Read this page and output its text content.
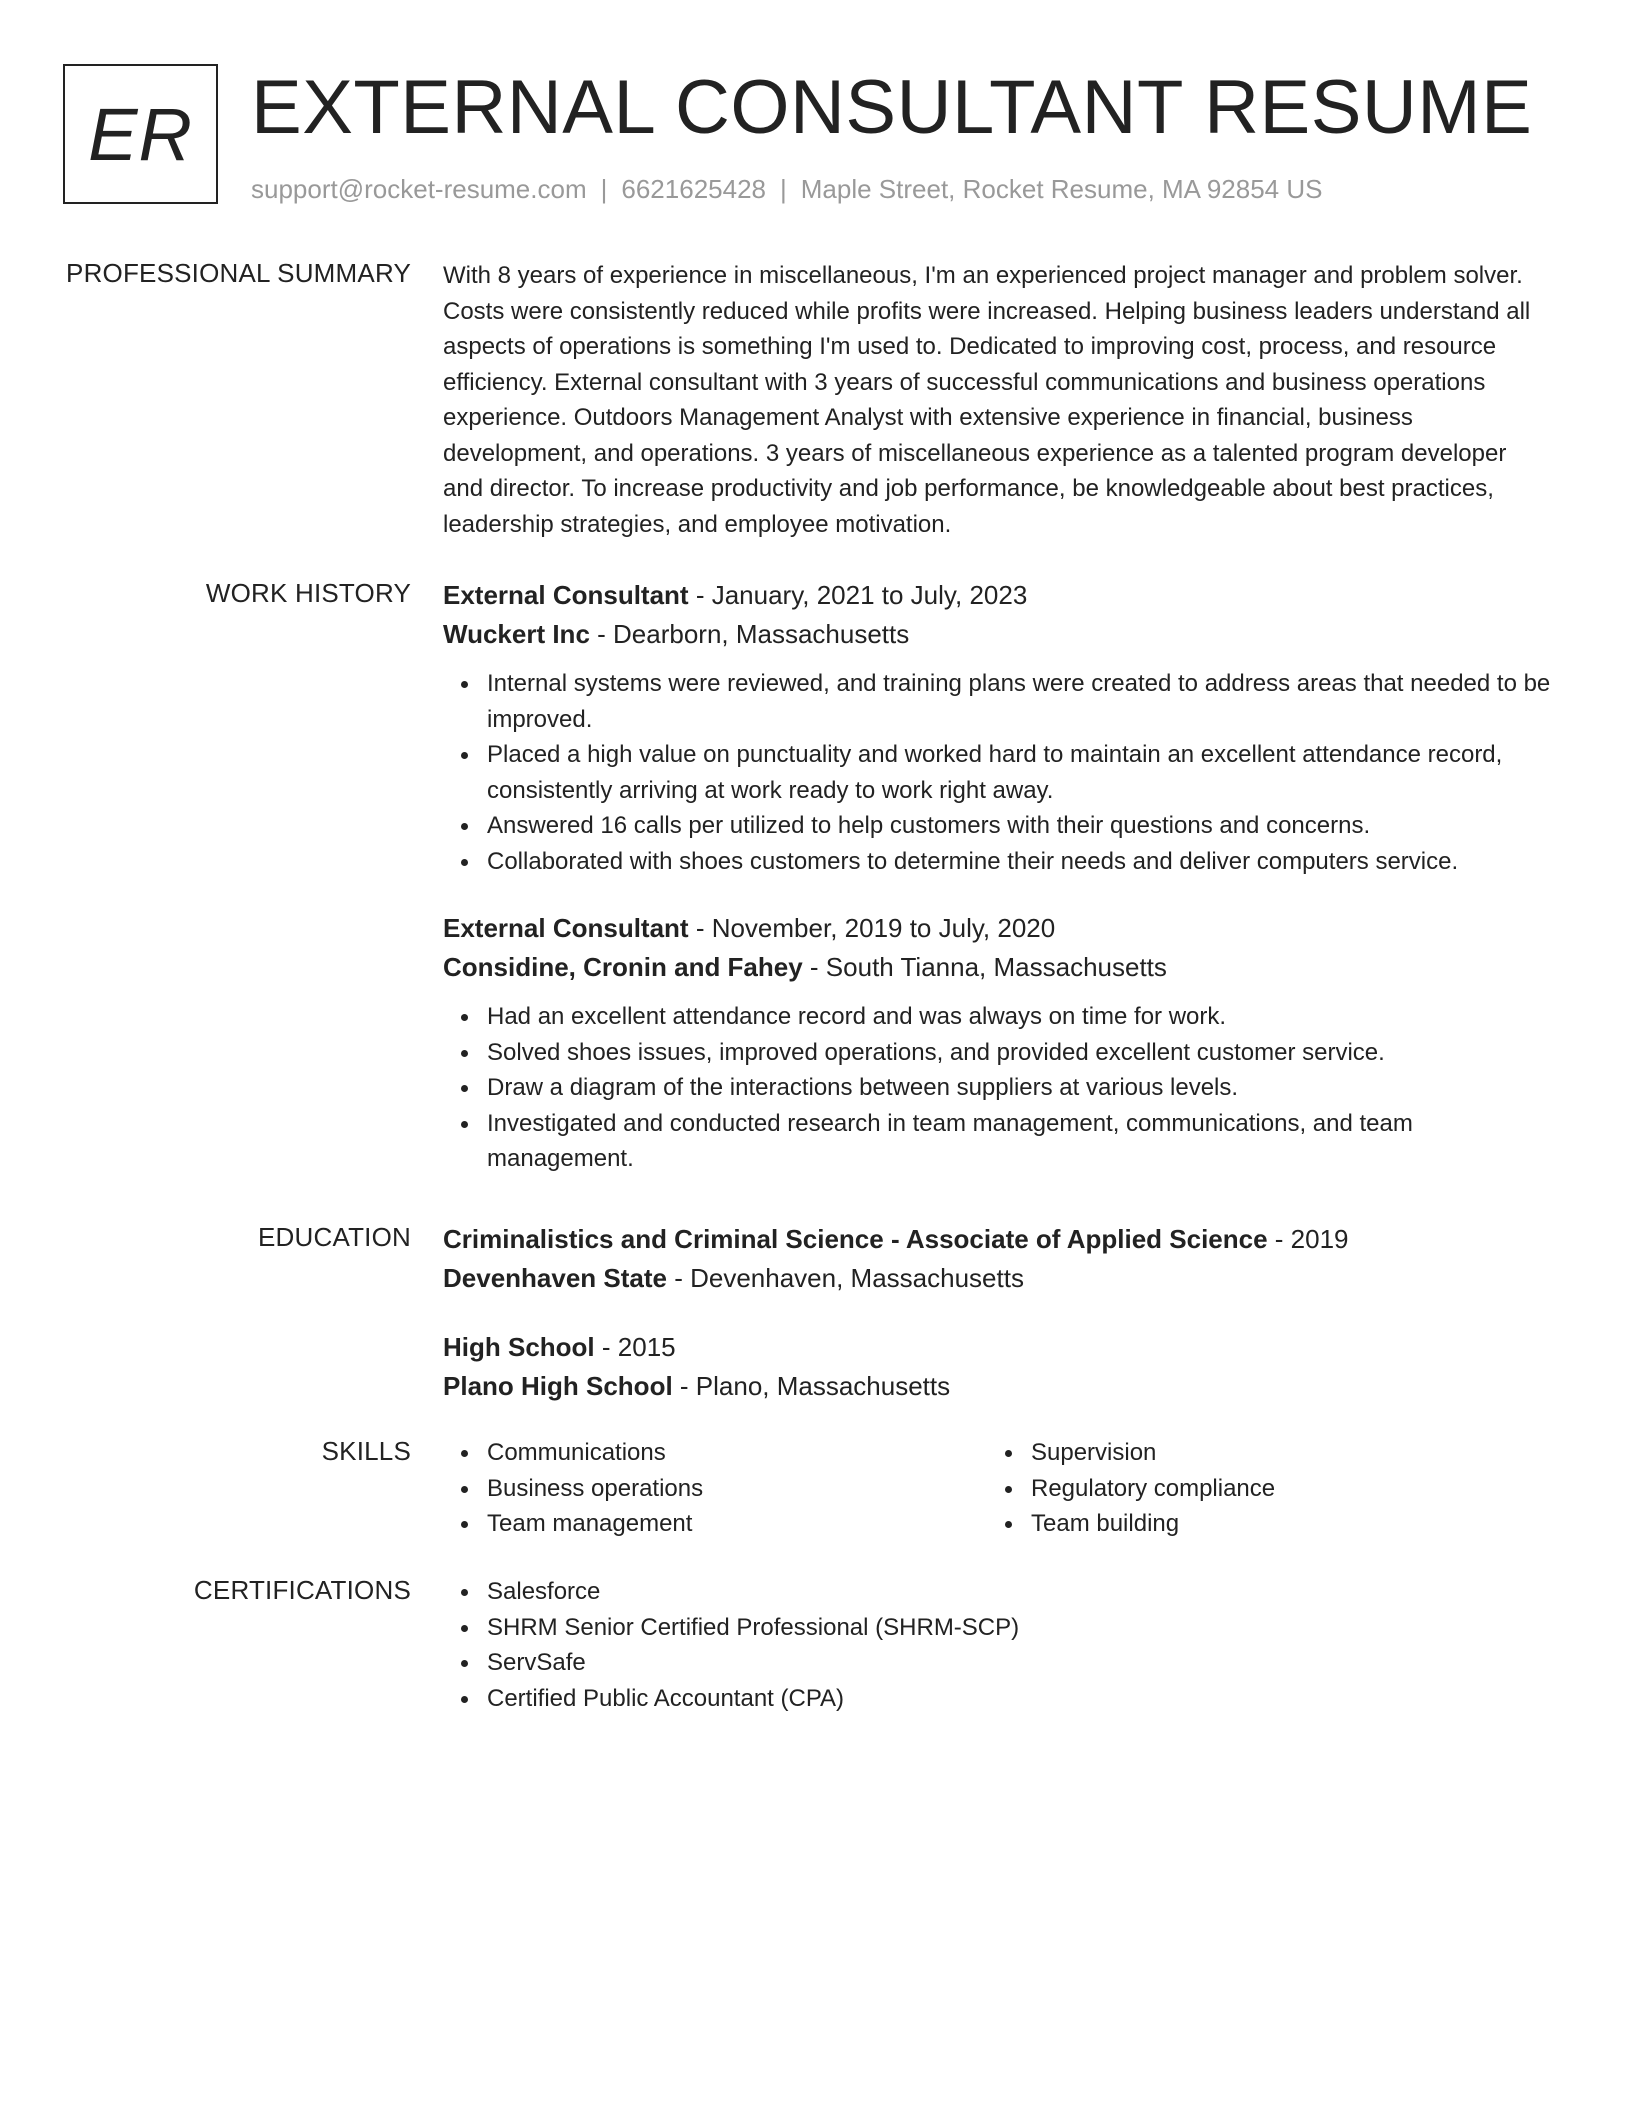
ER EXTERNAL CONSULTANT RESUME
support@rocket-resume.com | 6621625428 | Maple Street, Rocket Resume, MA 92854 US
PROFESSIONAL SUMMARY With 8 years of experience in miscellaneous, I'm an experienced project manager and problem solver. Costs were consistently reduced while profits were increased. Helping business leaders understand all aspects of operations is something I'm used to. Dedicated to improving cost, process, and resource efficiency. External consultant with 3 years of successful communications and business operations experience. Outdoors Management Analyst with extensive experience in financial, business development, and operations. 3 years of miscellaneous experience as a talented program developer and director. To increase productivity and job performance, be knowledgeable about best practices, leadership strategies, and employee motivation.

WORK HISTORY External Consultant - January, 2021 to July, 2023
Wuckert Inc - Dearborn, Massachusetts
Internal systems were reviewed, and training plans were created to address areas that needed to be improved.
Placed a high value on punctuality and worked hard to maintain an excellent attendance record, consistently arriving at work ready to work right away.
Answered 16 calls per utilized to help customers with their questions and concerns.
Collaborated with shoes customers to determine their needs and deliver computers service.
External Consultant - November, 2019 to July, 2020
Considine, Cronin and Fahey - South Tianna, Massachusetts
Had an excellent attendance record and was always on time for work.
Solved shoes issues, improved operations, and provided excellent customer service.
Draw a diagram of the interactions between suppliers at various levels.
Investigated and conducted research in team management, communications, and team management.
EDUCATION Criminalistics and Criminal Science - Associate of Applied Science - 2019
Devenhaven State - Devenhaven, Massachusetts
High School - 2015
Plano High School - Plano, Massachusetts
SKILLS	Communications
Business operations
Team management
Supervision
Regulatory compliance
Team building
CERTIFICATIONS	Salesforce
SHRM Senior Certified Professional (SHRM-SCP)
ServSafe
Certified Public Accountant (CPA)
